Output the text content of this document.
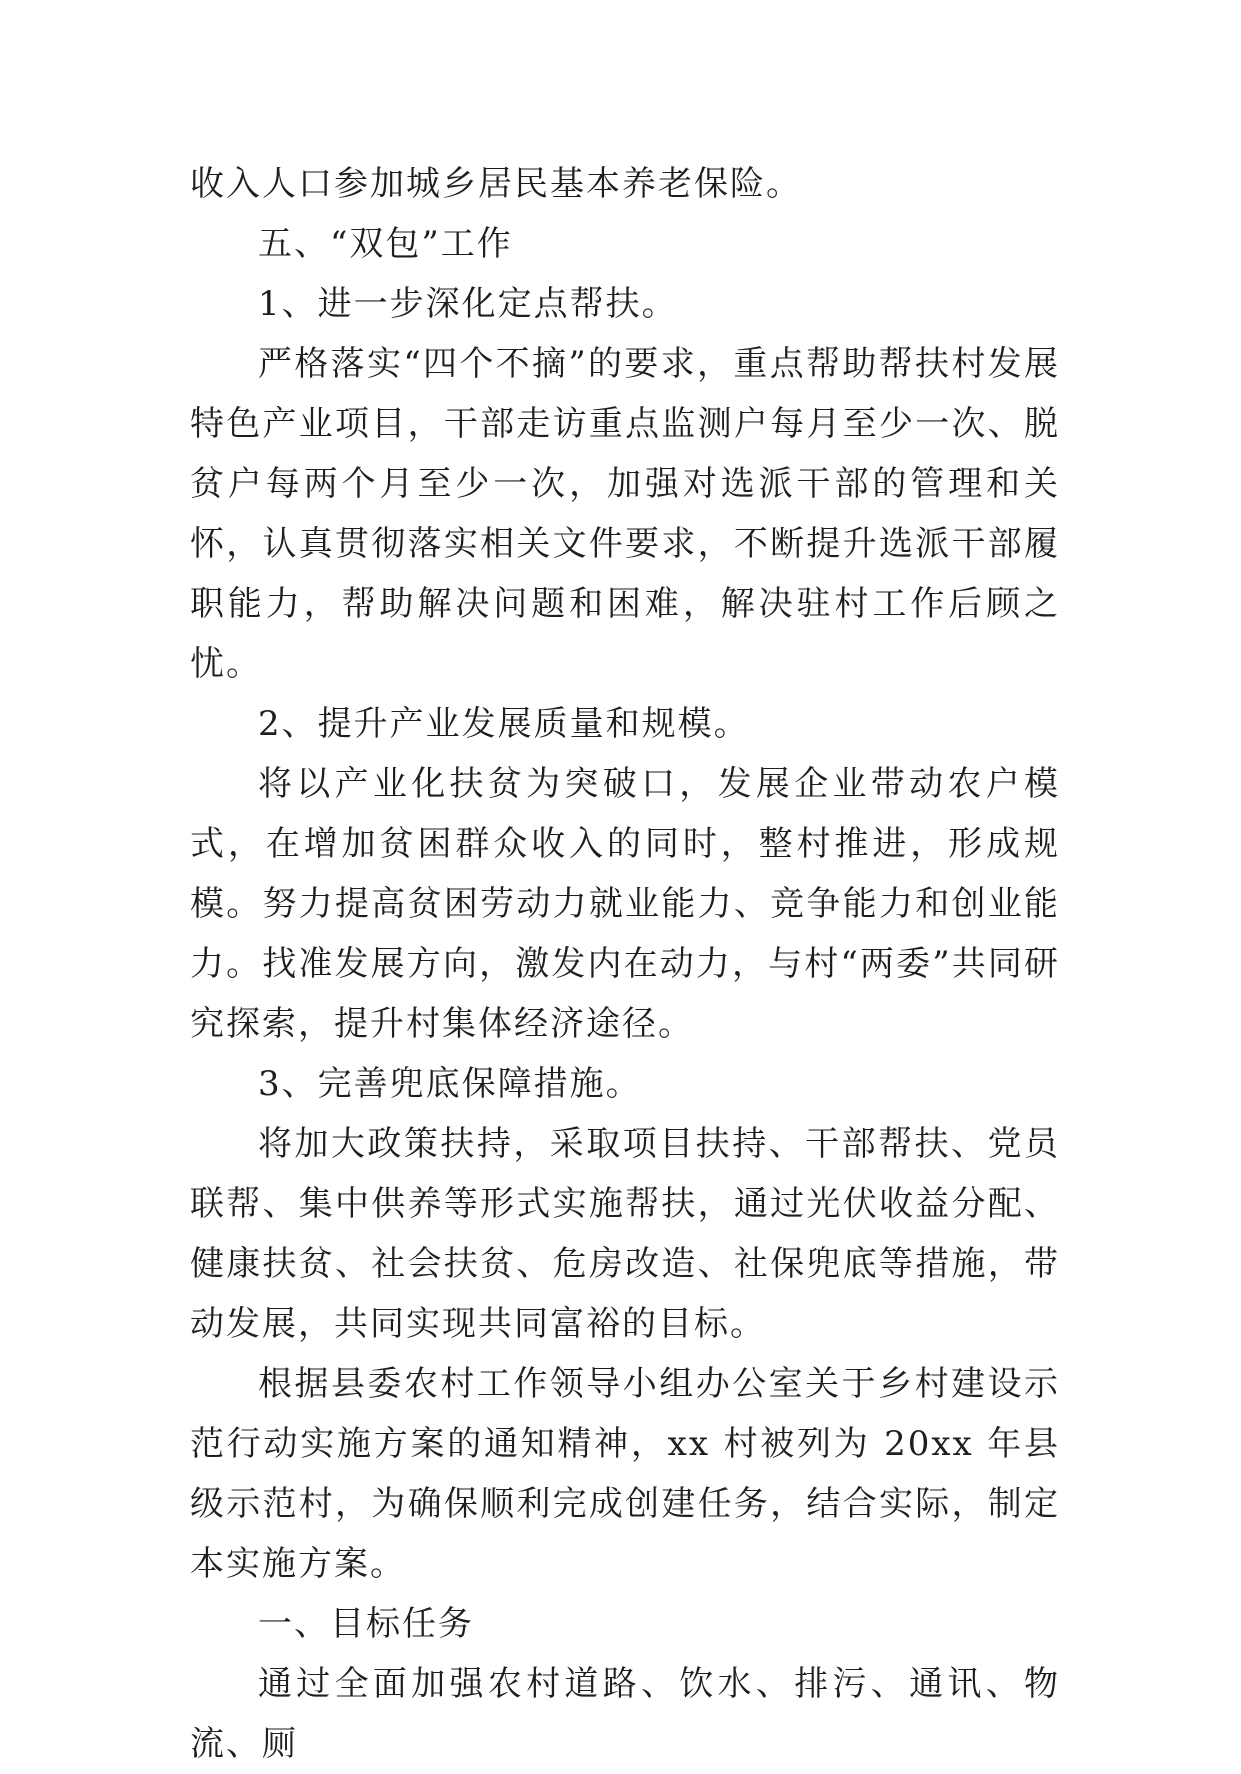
收入人口参加城乡居民基本养老保险。

五、“双包”工作

1、进一步深化定点帮扶。

严格落实“四个不摘”的要求，重点帮助帮扶村发展特色产业项目，干部走访重点监测户每月至少一次、脱贫户每两个月至少一次，加强对选派干部的管理和关怀，认真贯彻落实相关文件要求，不断提升选派干部履职能力，帮助解决问题和困难，解决驻村工作后顾之忧。

2、提升产业发展质量和规模。

将以产业化扶贫为突破口，发展企业带动农户模式，在增加贫困群众收入的同时，整村推进，形成规模。努力提高贫困劳动力就业能力、竞争能力和创业能力。找准发展方向，激发内在动力，与村“两委”共同研究探索，提升村集体经济途径。

3、完善兜底保障措施。

将加大政策扶持，采取项目扶持、干部帮扶、党员联帮、集中供养等形式实施帮扶，通过光伏收益分配、健康扶贫、社会扶贫、危房改造、社保兜底等措施，带动发展，共同实现共同富裕的目标。

根据县委农村工作领导小组办公室关于乡村建设示范行动实施方案的通知精神，xx 村被列为 20xx 年县级示范村，为确保顺利完成创建任务，结合实际，制定本实施方案。

一、目标任务

通过全面加强农村道路、饮水、排污、通讯、物流、厕
